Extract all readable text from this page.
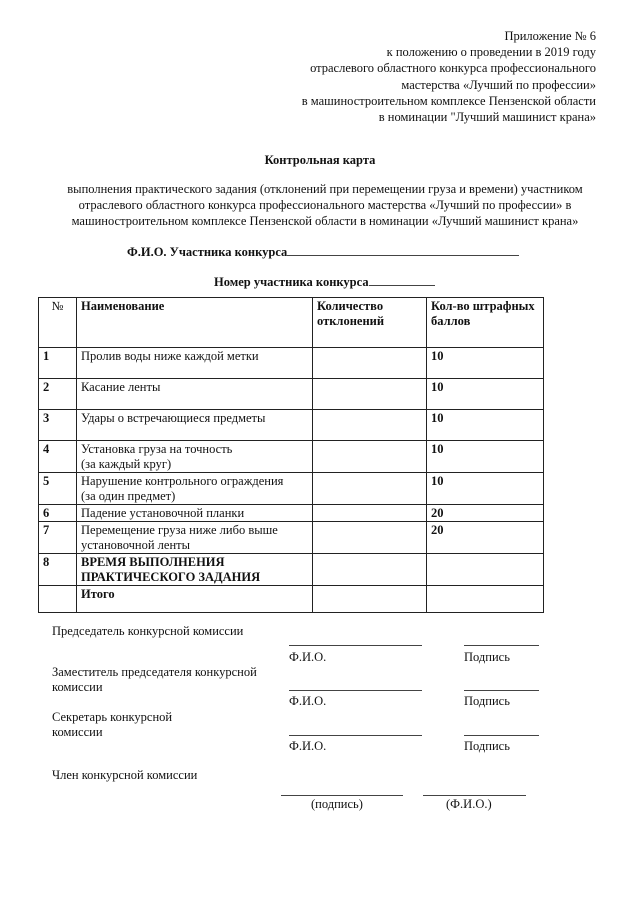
Приложение № 6
к положению о проведении в 2019 году
отраслевого областного конкурса профессионального
мастерства «Лучший по профессии»
в машиностроительном комплексе Пензенской области
в номинации "Лучший машинист крана»
Контрольная карта
выполнения практического задания (отклонений при перемещении груза и времени) участником отраслевого областного конкурса профессионального мастерства «Лучший по профессии» в машиностроительном комплексе Пензенской области в номинации «Лучший машинист крана»
Ф.И.О. Участника конкурса
Номер участника конкурса
№	Наименование	Количество отклонений	Кол-во штрафных баллов
1	Пролив воды ниже каждой метки		10
2	Касание ленты		10
3	Удары о встречающиеся предметы		10
4	Установка груза на точность
(за каждый круг)		10
5	Нарушение контрольного ограждения
(за один предмет)		10
6	Падение установочной планки		20
7	Перемещение груза ниже либо выше
установочной ленты		20
8	ВРЕМЯ ВЫПОЛНЕНИЯ
ПРАКТИЧЕСКОГО ЗАДАНИЯ		

	Итого		
Председатель конкурсной комиссии
Ф.И.О.	Подпись
Заместитель председателя конкурсной
комиссии
Ф.И.О.	Подпись
Секретарь конкурсной
комиссии
Ф.И.О.	Подпись
Член конкурсной комиссии
(подпись)	(Ф.И.О.)
